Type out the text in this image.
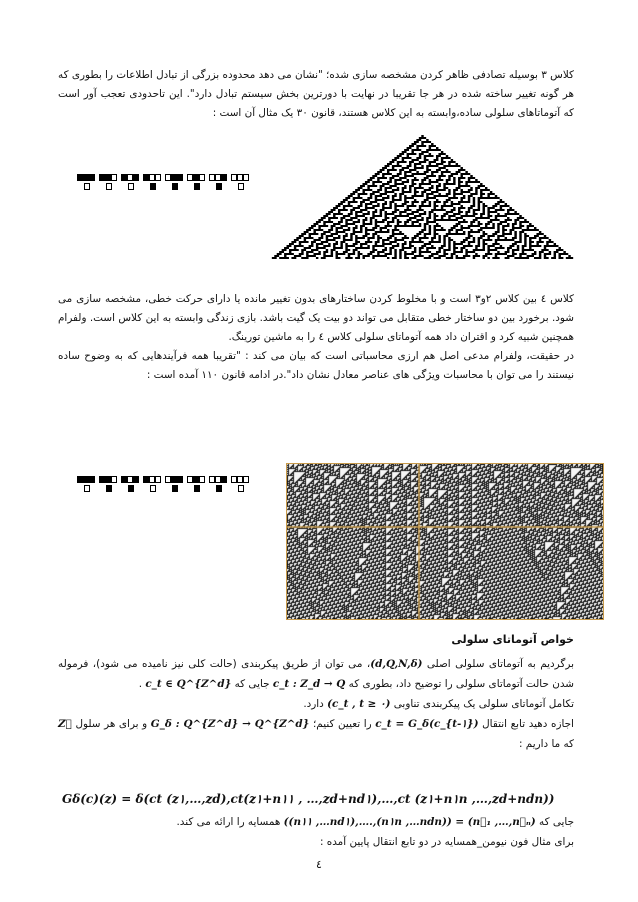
کلاس ۳ بوسیله تصادفی ظاهر کردن مشخصه سازی شده؛ "نشان می دهد محدوده بزرگی از تبادل اطلاعات را بطوری که هر گونه تغییر ساخته شده در هر جا تقریبا در نهایت با دورترین بخش سیستم تبادل دارد". این تاحدودی تعجب آور است که آتوماتاهای سلولی ساده،وابسته به این کلاس هستند، قانون ۳۰ یک مثال آن است :

کلاس ٤ بین کلاس ۲و۳ است و با مخلوط کردن ساختارهای بدون تغییر مانده یا دارای حرکت خطی، مشخصه سازی می شود. برخورد بین دو ساختار خطی متقابل می تواند دو بیت یک گیت باشد. بازی زندگی وابسته به این کلاس است. ولفرام همچنین شبیه کرد و اقتران داد همه آتوماتای سلولی کلاس ٤ را به ماشین تورینگ.

در حقیقت، ولفرام مدعی اصل هم ارزی محاسباتی است که بیان می کند : "تقریبا همه فرآیندهایی که به وضوح ساده نیستند را می توان با محاسبات ویژگی های عناصر معادل نشان داد".در ادامه قانون ۱۱۰ آمده است :

خواص آتوماتای سلولی

برگردیم به آتوماتای سلولی اصلی (d,Q,N,δ)، می توان از طریق پیکربندی (حالت کلی نیز نامیده می شود)، فرموله شدن حالت آتوماتای سلولی را توضیح داد، بطوری که c_t : Z_d → Q جایی که c_t ∈ Q^{Z^d} .

تکامل آتوماتای سلولی یک پیکربندی تناوبی (c_t , t ≥ ۰) دارد.

اجازه دهید تابع انتقال c_t = G_δ(c_{t-۱}) را تعیین کنیم؛ G_δ : Q^{Z^d} → Q^{Z^d} و برای هر سلول Z⃗ که ما داریم :

Gδ(c)(z) = δ(ct (z۱,…,zd),ct(z۱+n۱۱ , …,zd+nd۱),…,ct (z۱+n۱n ,…,zd+ndn))

جایی که ((n۱۱ ,…nd۱),….,(n۱n ,…ndn)) = (n⃗₁ ,…,n⃗ₙ) همسایه را ارائه می کند.

برای مثال فون نیومن_همسایه در دو تابع انتقال پایین آمده :

٤
